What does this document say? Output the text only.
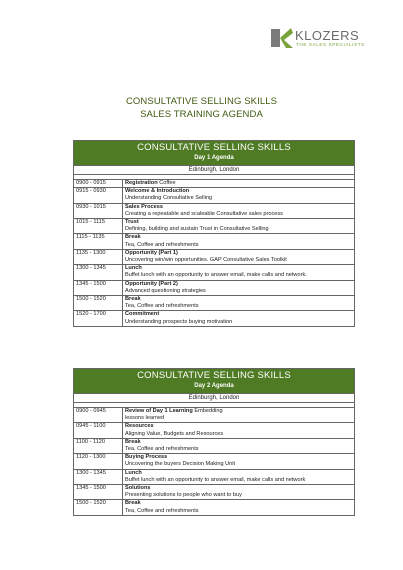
KLOZERS
THE SALES SPECIALISTS
CONSULTATIVE SELLING SKILLS
SALES TRAINING AGENDA
CONSULTATIVE SELLING SKILLS
Day 1 Agenda
Edinburgh, London
0900 - 0915	Registration Coffee
0915 - 0930	Welcome & Introduction
Understanding Consultative Selling
0930 - 1015	Sales Process
Creating a repeatable and scaleable Consultative sales process
1015 - 1115	Trust
Defining, building and sustain Trust in Consultative Selling
1115 - 1135	Break
Tea, Coffee and refreshments
1135 - 1300	Opportunity (Part 1)
Uncovering win/win opportunities. GAP Consultative Sales Toolkit
1300 - 1345	Lunch
Buffet lunch with an opportunity to answer email, make calls and network.
1345 - 1500	Opportunity (Part 2)
Advanced questioning strategies
1500 - 1520	Break
Tea, Coffee and refreshments
1520 - 1700	Commitment
Understanding prospects buying motivation
CONSULTATIVE SELLING SKILLS
Day 2 Agenda
Edinburgh, London
0900 - 0945	Review of Day 1 Learning Embedding
lessons learned
0945 - 1100	Resources
Aligning Value, Budgets and Resources
1100 - 1120	Break
Tea, Coffee and refreshments
1120 - 1300	Buying Process
Uncovering the buyers Decision Making Unit
1300 - 1345	Lunch
Buffet lunch with an opportunity to answer email, make calls and network
1345 - 1500	Solutions
Presenting solutions to people who want to buy
1500 - 1520	Break
Tea, Coffee and refreshments
